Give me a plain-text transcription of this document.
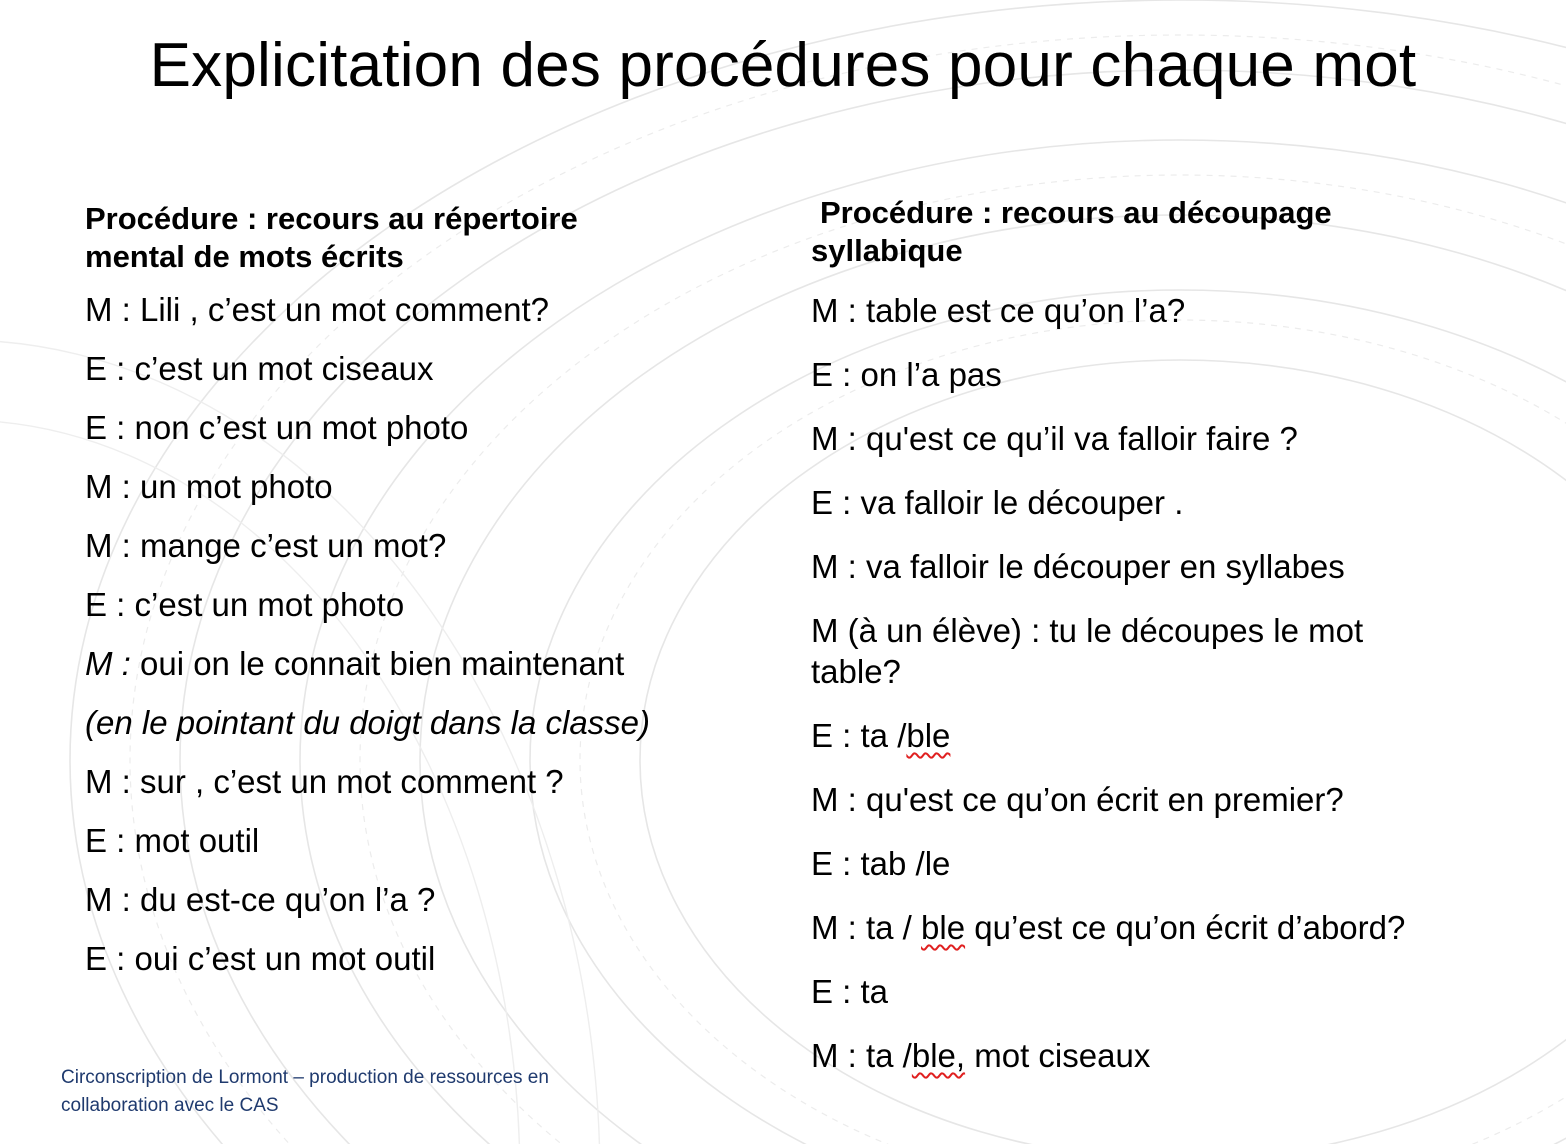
Explicitation des procédures pour chaque mot
Procédure : recours au répertoire
mental de mots écrits
M : Lili , c’est un mot comment?
E : c’est un mot ciseaux
E : non c’est un mot photo
M : un mot photo
M : mange c’est un mot?
E : c’est un mot photo
M : oui on le connait bien maintenant
(en le pointant du doigt dans la classe)
M : sur , c’est un mot comment ?
E : mot outil
M : du est-ce qu’on l’a ?
E : oui c’est un mot outil
Procédure : recours au découpage
syllabique
M : table est ce qu’on l’a?
E : on l’a pas
M : qu'est ce qu’il va falloir faire ?
E : va falloir le découper .
M : va falloir le découper en syllabes
M (à un élève) : tu le découpes le mot
table?
E : ta /ble
M : qu'est ce qu’on écrit en premier?
E : tab /le
M : ta / ble qu’est ce qu’on écrit d’abord?
E : ta
M : ta /ble, mot ciseaux
Circonscription de Lormont – production de ressources en
collaboration avec le CAS
